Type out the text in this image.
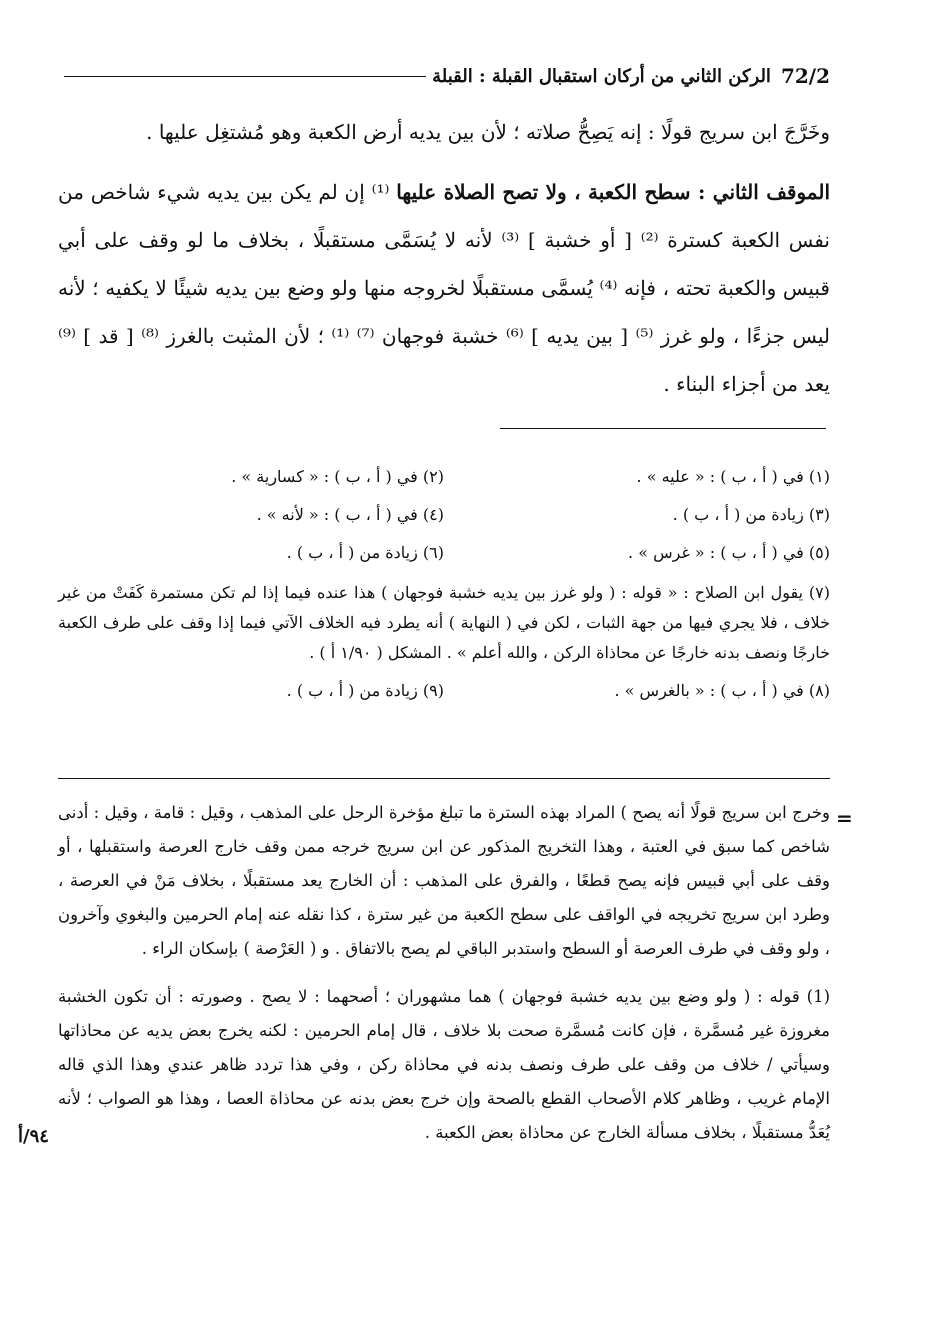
72/2
الركن الثاني من أركان استقبال القبلة : القبلة

وخَرَّجَ ابن سريج قولًا : إنه يَصِحُّ صلاته ؛ لأن بين يديه أرض الكعبة وهو مُشتغِل عليها .

الموقف الثاني : سطح الكعبة ، ولا تصح الصلاة عليها ⁽¹⁾ إن لم يكن بين يديه شيء شاخص من نفس الكعبة كسترة ⁽²⁾ [ أو خشبة ] ⁽³⁾ لأنه لا يُسَمَّى مستقبلًا ، بخلاف ما لو وقف على أبي قبيس والكعبة تحته ، فإنه ⁽⁴⁾ يُسمَّى مستقبلًا لخروجه منها ولو وضع بين يديه شيئًا لا يكفيه ؛ لأنه ليس جزءًا ، ولو غرز ⁽⁵⁾ [ بين يديه ] ⁽⁶⁾ خشبة فوجهان ⁽⁷⁾ ⁽¹⁾ ؛ لأن المثبت بالغرز ⁽⁸⁾ [ قد ] ⁽⁹⁾ يعد من أجزاء البناء .

(١) في ( أ ، ب ) : « عليه » .
(٢) في ( أ ، ب ) : « كسارية » .
(٣) زيادة من ( أ ، ب ) .
(٤) في ( أ ، ب ) : « لأنه » .
(٥) في ( أ ، ب ) : « غرس » .
(٦) زيادة من ( أ ، ب ) .
(٧) يقول ابن الصلاح : « قوله : ( ولو غرز بين يديه خشبة فوجهان ) هذا عنده فيما إذا لم تكن مستمرة كَفَتْ من غير خلاف ، فلا يجري فيها من جهة الثبات ، لكن في ( النهاية ) أنه يطرد فيه الخلاف الآتي فيما إذا وقف على طرف الكعبة خارجًا ونصف بدنه خارجًا عن محاذاة الركن ، والله أعلم » . المشكل ( ١/٩٠ أ ) .
(٨) في ( أ ، ب ) : « بالغرس » .
(٩) زيادة من ( أ ، ب ) .
=

وخرج ابن سريج قولًا أنه يصح ) المراد بهذه السترة ما تبلغ مؤخرة الرحل على المذهب ، وقيل : قامة ، وقيل : أدنى شاخص كما سبق في العتبة ، وهذا التخريج المذكور عن ابن سريج خرجه ممن وقف خارج العرصة واستقبلها ، أو وقف على أبي قبيس فإنه يصح قطعًا ، والفرق على المذهب : أن الخارج يعد مستقبلًا ، بخلاف مَنْ في العرصة ، وطرد ابن سريج تخريجه في الواقف على سطح الكعبة من غير سترة ، كذا نقله عنه إمام الحرمين والبغوي وآخرون ، ولو وقف في طرف العرصة أو السطح واستدبر الباقي لم يصح بالاتفاق . و ( العَرْصة ) بإسكان الراء .

(1) قوله : ( ولو وضع بين يديه خشبة فوجهان ) هما مشهوران ؛ أصحهما : لا يصح . وصورته : أن تكون الخشبة مغروزة غير مُسمَّرة ، فإن كانت مُسمَّرة صحت بلا خلاف ، قال إمام الحرمين : لكنه يخرج بعض يديه عن محاذاتها وسيأتي / خلاف من وقف على طرف ونصف بدنه في محاذاة ركن ، وفي هذا تردد ظاهر عندي وهذا الذي قاله الإمام غريب ، وظاهر كلام الأصحاب القطع بالصحة وإن خرج بعض بدنه عن محاذاة العصا ، وهذا هو الصواب ؛ لأنه يُعَدُّ مستقبلًا ، بخلاف مسألة الخارج عن محاذاة بعض الكعبة .

٩٤/أ
